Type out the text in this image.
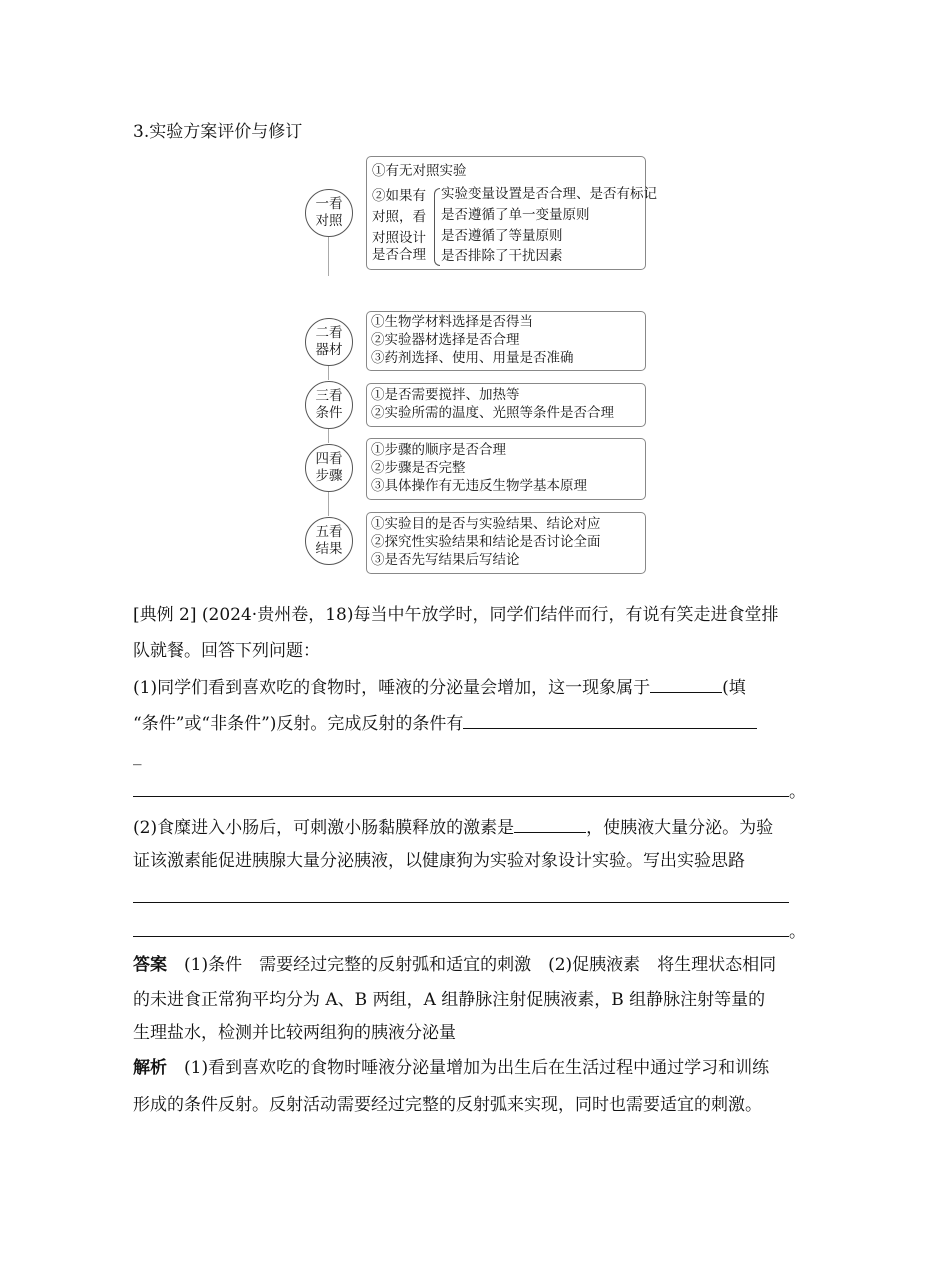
3.实验方案评价与修订
一看
对照
①有无对照实验
②如果有
对照，看
对照设计
是否合理
实验变量设置是否合理、是否有标记
是否遵循了单一变量原则
是否遵循了等量原则
是否排除了干扰因素
二看
器材
①生物学材料选择是否得当
②实验器材选择是否合理
③药剂选择、使用、用量是否准确
三看
条件
①是否需要搅拌、加热等
②实验所需的温度、光照等条件是否合理
四看
步骤
①步骤的顺序是否合理
②步骤是否完整
③具体操作有无违反生物学基本原理
五看
结果
①实验目的是否与实验结果、结论对应
②探究性实验结果和结论是否讨论全面
③是否先写结果后写结论
[典例 2] (2024·贵州卷，18)每当中午放学时，同学们结伴而行，有说有笑走进食堂排
队就餐。回答下列问题：
(1)同学们看到喜欢吃的食物时，唾液的分泌量会增加，这一现象属于	(填
“条件”或“非条件”)反射。完成反射的条件有
_
。
(2)食糜进入小肠后，可刺激小肠黏膜释放的激素是	，使胰液大量分泌。为验
证该激素能促进胰腺大量分泌胰液，以健康狗为实验对象设计实验。写出实验思路
。
答案　 (1)条件　需要经过完整的反射弧和适宜的刺激　(2)促胰液素　将生理状态相同
的未进食正常狗平均分为 A、B 两组，A 组静脉注射促胰液素，B 组静脉注射等量的
生理盐水，检测并比较两组狗的胰液分泌量
解析　 (1)看到喜欢吃的食物时唾液分泌量增加为出生后在生活过程中通过学习和训练
形成的条件反射。反射活动需要经过完整的反射弧来实现，同时也需要适宜的刺激。
